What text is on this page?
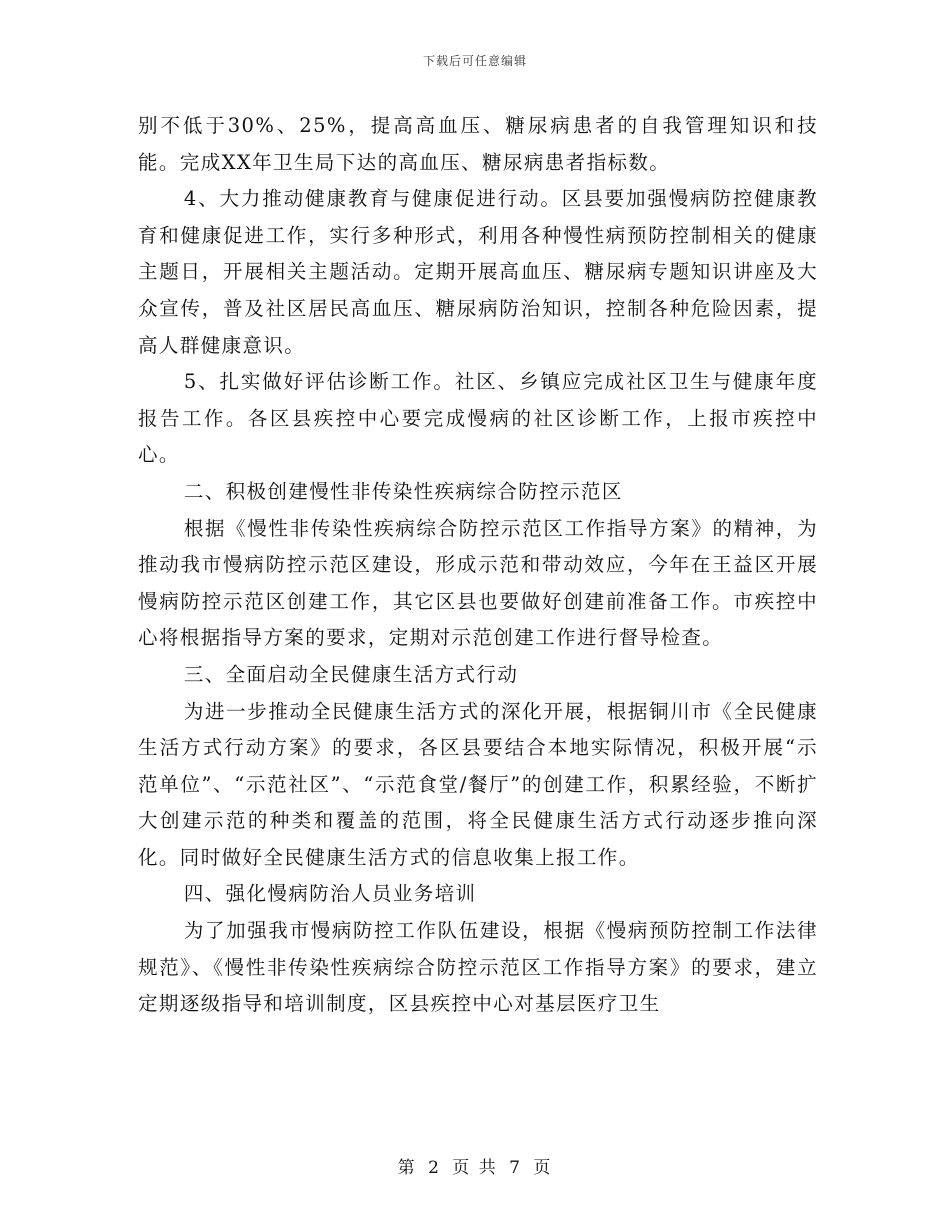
下载后可任意编辑

别不低于30%、25%，提高高血压、糖尿病患者的自我管理知识和技能。完成XX年卫生局下达的高血压、糖尿病患者指标数。

4、大力推动健康教育与健康促进行动。区县要加强慢病防控健康教育和健康促进工作，实行多种形式，利用各种慢性病预防控制相关的健康主题日，开展相关主题活动。定期开展高血压、糖尿病专题知识讲座及大众宣传，普及社区居民高血压、糖尿病防治知识，控制各种危险因素，提高人群健康意识。

5、扎实做好评估诊断工作。社区、乡镇应完成社区卫生与健康年度报告工作。各区县疾控中心要完成慢病的社区诊断工作，上报市疾控中心。

二、积极创建慢性非传染性疾病综合防控示范区

根据《慢性非传染性疾病综合防控示范区工作指导方案》的精神，为推动我市慢病防控示范区建设，形成示范和带动效应，今年在王益区开展慢病防控示范区创建工作，其它区县也要做好创建前准备工作。市疾控中心将根据指导方案的要求，定期对示范创建工作进行督导检查。

三、全面启动全民健康生活方式行动

为进一步推动全民健康生活方式的深化开展，根据铜川市《全民健康生活方式行动方案》的要求，各区县要结合本地实际情况，积极开展“示范单位”、“示范社区”、“示范食堂/餐厅”的创建工作，积累经验，不断扩大创建示范的种类和覆盖的范围，将全民健康生活方式行动逐步推向深化。同时做好全民健康生活方式的信息收集上报工作。

四、强化慢病防治人员业务培训

为了加强我市慢病防控工作队伍建设，根据《慢病预防控制工作法律规范》、《慢性非传染性疾病综合防控示范区工作指导方案》的要求，建立定期逐级指导和培训制度，区县疾控中心对基层医疗卫生

第 2 页 共 7 页
